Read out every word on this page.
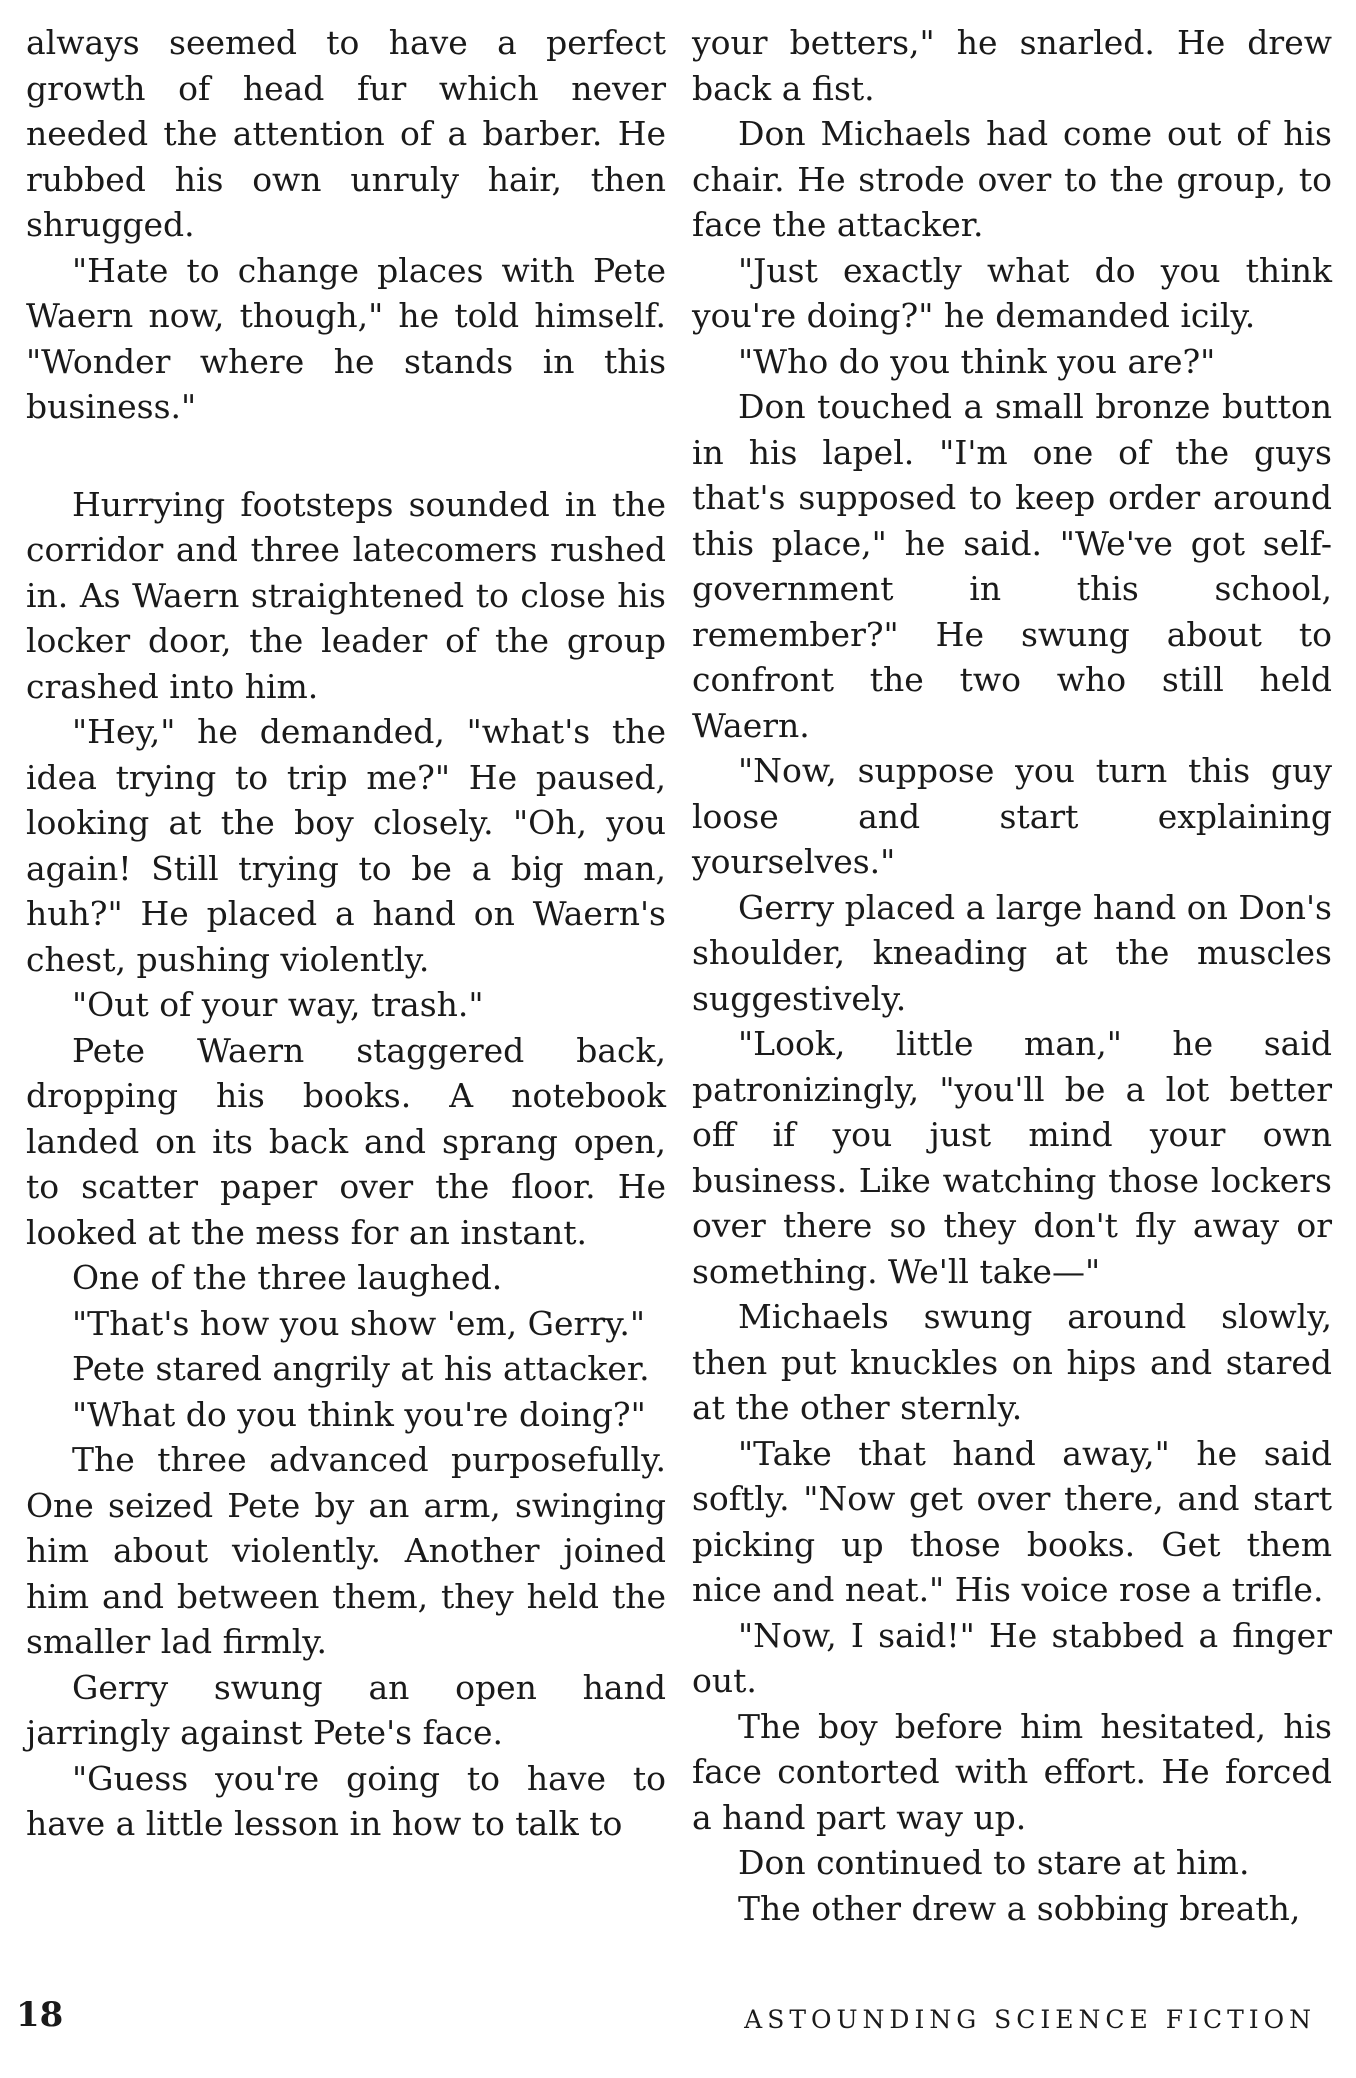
always seemed to have a perfect growth of head fur which never needed the attention of a barber. He rubbed his own unruly hair, then shrugged.

"Hate to change places with Pete Waern now, though," he told himself. "Wonder where he stands in this business."

Hurrying footsteps sounded in the corridor and three latecomers rushed in. As Waern straightened to close his locker door, the leader of the group crashed into him.

"Hey," he demanded, "what's the idea trying to trip me?" He paused, looking at the boy closely. "Oh, you again! Still trying to be a big man, huh?" He placed a hand on Waern's chest, pushing violently.

"Out of your way, trash."

Pete Waern staggered back, dropping his books. A notebook landed on its back and sprang open, to scatter paper over the floor. He looked at the mess for an instant.

One of the three laughed.

"That's how you show 'em, Gerry."

Pete stared angrily at his attacker.

"What do you think you're doing?"

The three advanced purposefully. One seized Pete by an arm, swinging him about violently. Another joined him and between them, they held the smaller lad firmly.

Gerry swung an open hand jarringly against Pete's face.

"Guess you're going to have to have a little lesson in how to talk to

your betters," he snarled. He drew back a fist.

Don Michaels had come out of his chair. He strode over to the group, to face the attacker.

"Just exactly what do you think you're doing?" he demanded icily.

"Who do you think you are?"

Don touched a small bronze button in his lapel. "I'm one of the guys that's supposed to keep order around this place," he said. "We've got self-government in this school, remember?" He swung about to confront the two who still held Waern.

"Now, suppose you turn this guy loose and start explaining yourselves."

Gerry placed a large hand on Don's shoulder, kneading at the muscles suggestively.

"Look, little man," he said patronizingly, "you'll be a lot better off if you just mind your own business. Like watching those lockers over there so they don't fly away or something. We'll take—"

Michaels swung around slowly, then put knuckles on hips and stared at the other sternly.

"Take that hand away," he said softly. "Now get over there, and start picking up those books. Get them nice and neat." His voice rose a trifle.

"Now, I said!" He stabbed a finger out.

The boy before him hesitated, his face contorted with effort. He forced a hand part way up.

Don continued to stare at him.

The other drew a sobbing breath,

18	ASTOUNDING SCIENCE FICTION
